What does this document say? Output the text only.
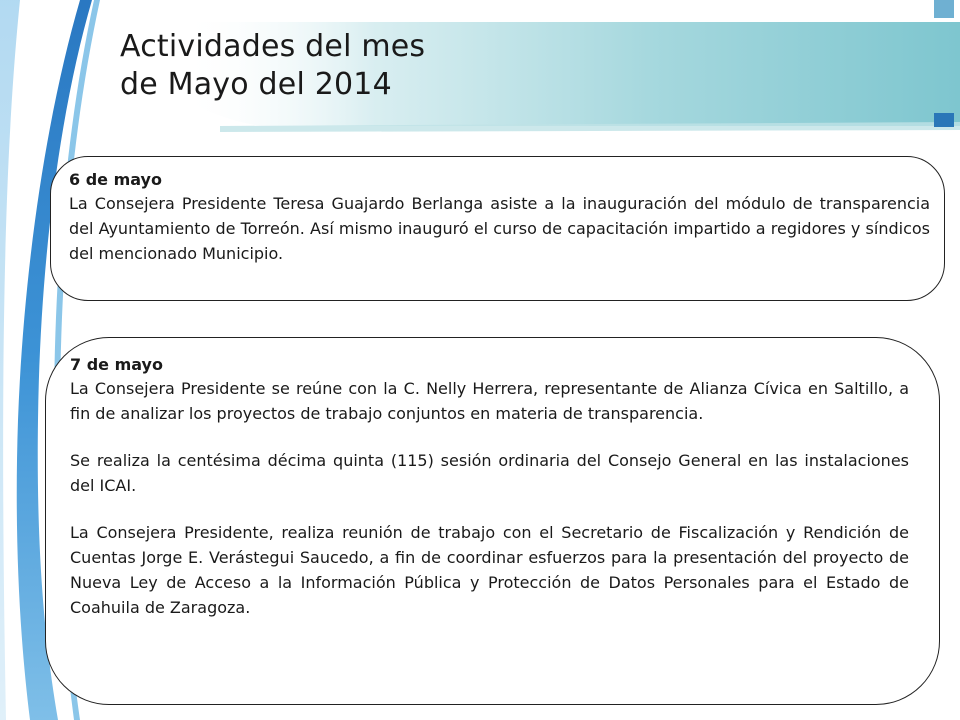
Actividades del mes
de Mayo del 2014

6 de mayo

La Consejera Presidente Teresa Guajardo Berlanga asiste a la inauguración del módulo de transparencia del Ayuntamiento de Torreón. Así mismo inauguró el curso de capacitación impartido a regidores y síndicos del mencionado Municipio.

7 de mayo

La Consejera Presidente se reúne con la C. Nelly Herrera, representante de Alianza Cívica en Saltillo, a fin de analizar los proyectos de trabajo conjuntos en materia de transparencia.

Se realiza la centésima décima quinta (115) sesión ordinaria del Consejo General en las instalaciones del ICAI.

La Consejera Presidente, realiza reunión de trabajo con el Secretario de Fiscalización y Rendición de Cuentas Jorge E. Verástegui Saucedo, a fin de coordinar esfuerzos para la presentación del proyecto de Nueva Ley de Acceso a la Información Pública y Protección de Datos Personales para el Estado de Coahuila de Zaragoza.
